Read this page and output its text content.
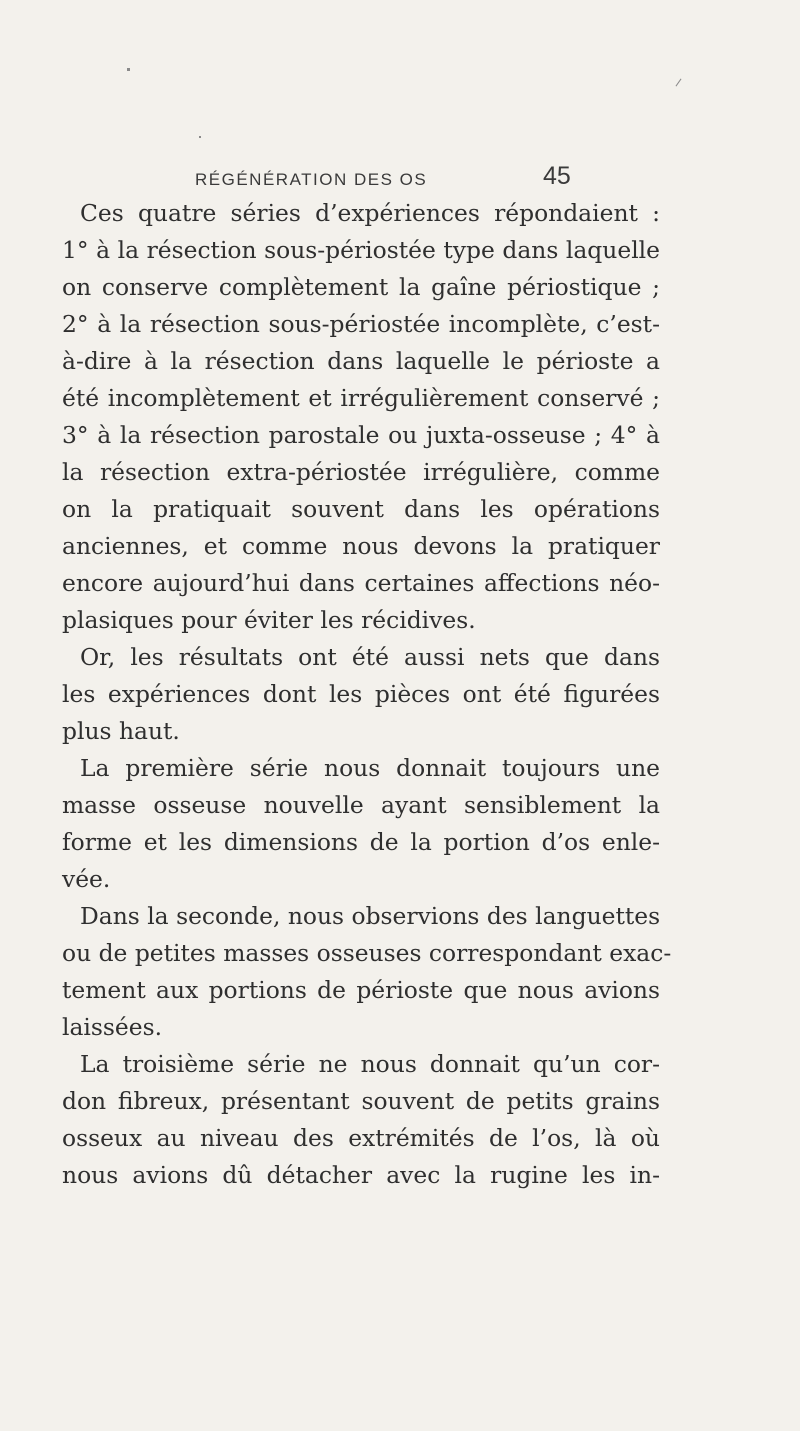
RÉGÉNÉRATION DES OS	45
Ces quatre séries d’expériences répondaient :
1° à la résection sous-périostée type dans laquelle
on conserve complètement la gaîne périostique ;
2° à la résection sous-périostée incomplète, c’est-
à-dire à la résection dans laquelle le périoste a
été incomplètement et irrégulièrement conservé ;
3° à la résection parostale ou juxta-osseuse ; 4° à
la résection extra-périostée irrégulière, comme
on la pratiquait souvent dans les opérations
anciennes, et comme nous devons la pratiquer
encore aujourd’hui dans certaines affections néo-
plasiques pour éviter les récidives.
Or, les résultats ont été aussi nets que dans
les expériences dont les pièces ont été figurées
plus haut.
La première série nous donnait toujours une
masse osseuse nouvelle ayant sensiblement la
forme et les dimensions de la portion d’os enle-
vée.
Dans la seconde, nous observions des languettes
ou de petites masses osseuses correspondant exac-
tement aux portions de périoste que nous avions
laissées.
La troisième série ne nous donnait qu’un cor-
don fibreux, présentant souvent de petits grains
osseux au niveau des extrémités de l’os, là où
nous avions dû détacher avec la rugine les in-
